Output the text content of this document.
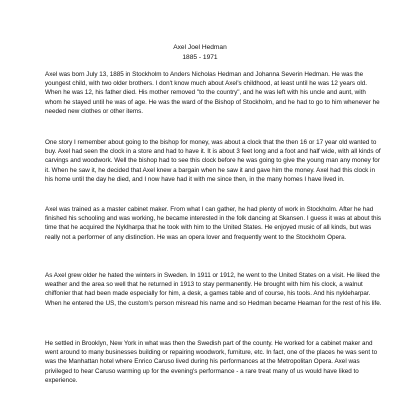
Axel Joel Hedman
1885 - 1971

Axel was born July 13, 1885 in Stockholm to Anders Nicholas Hedman and Johanna Severin Hedman. He was the youngest child, with two older brothers. I don't know much about Axel's childhood, at least until he was 12 years old. When he was 12, his father died. His mother removed "to the country", and he was left with his uncle and aunt, with whom he stayed until he was of age. He was the ward of the Bishop of Stockholm, and he had to go to him whenever he needed new clothes or other items.

One story I remember about going to the bishop for money, was about a clock that the then 16 or 17 year old wanted to buy. Axel had seen the clock in a store and had to have it. It is about 3 feet long and a foot and half wide, with all kinds of carvings and woodwork. Well the bishop had to see this clock before he was going to give the young man any money for it. When he saw it, he decided that Axel knew a bargain when he saw it and gave him the money. Axel had this clock in his home until the day he died, and I now have had it with me since then, in the many homes I have lived in.

Axel was trained as a master cabinet maker. From what I can gather, he had plenty of work in Stockholm. After he had finished his schooling and was working, he became interested in the folk dancing at Skansen. I guess it was at about this time that he acquired the Nyklharpa that he took with him to the United States. He enjoyed music of all kinds, but was really not a performer of any distinction. He was an opera lover and frequently went to the Stockholm Opera.

As Axel grew older he hated the winters in Sweden. In 1911 or 1912, he went to the United States on a visit. He liked the weather and the area so well that he returned in 1913 to stay permanently. He brought with him his clock, a walnut chiffonier that had been made especially for him, a desk, a games table and of course, his tools. And his nykleharpar. When he entered the US, the custom's person misread his name and so Hedman became Heaman for the rest of his life.

He settled in Brooklyn, New York in what was then the Swedish part of the county. He worked for a cabinet maker and went around to many businesses building or repairing woodwork, furniture, etc. In fact, one of the places he was sent to was the Manhattan hotel where Enrico Caruso lived during his performances at the Metropolitan Opera. Axel was privileged to hear Caruso warming up for the evening's performance - a rare treat many of us would have liked to experience.
